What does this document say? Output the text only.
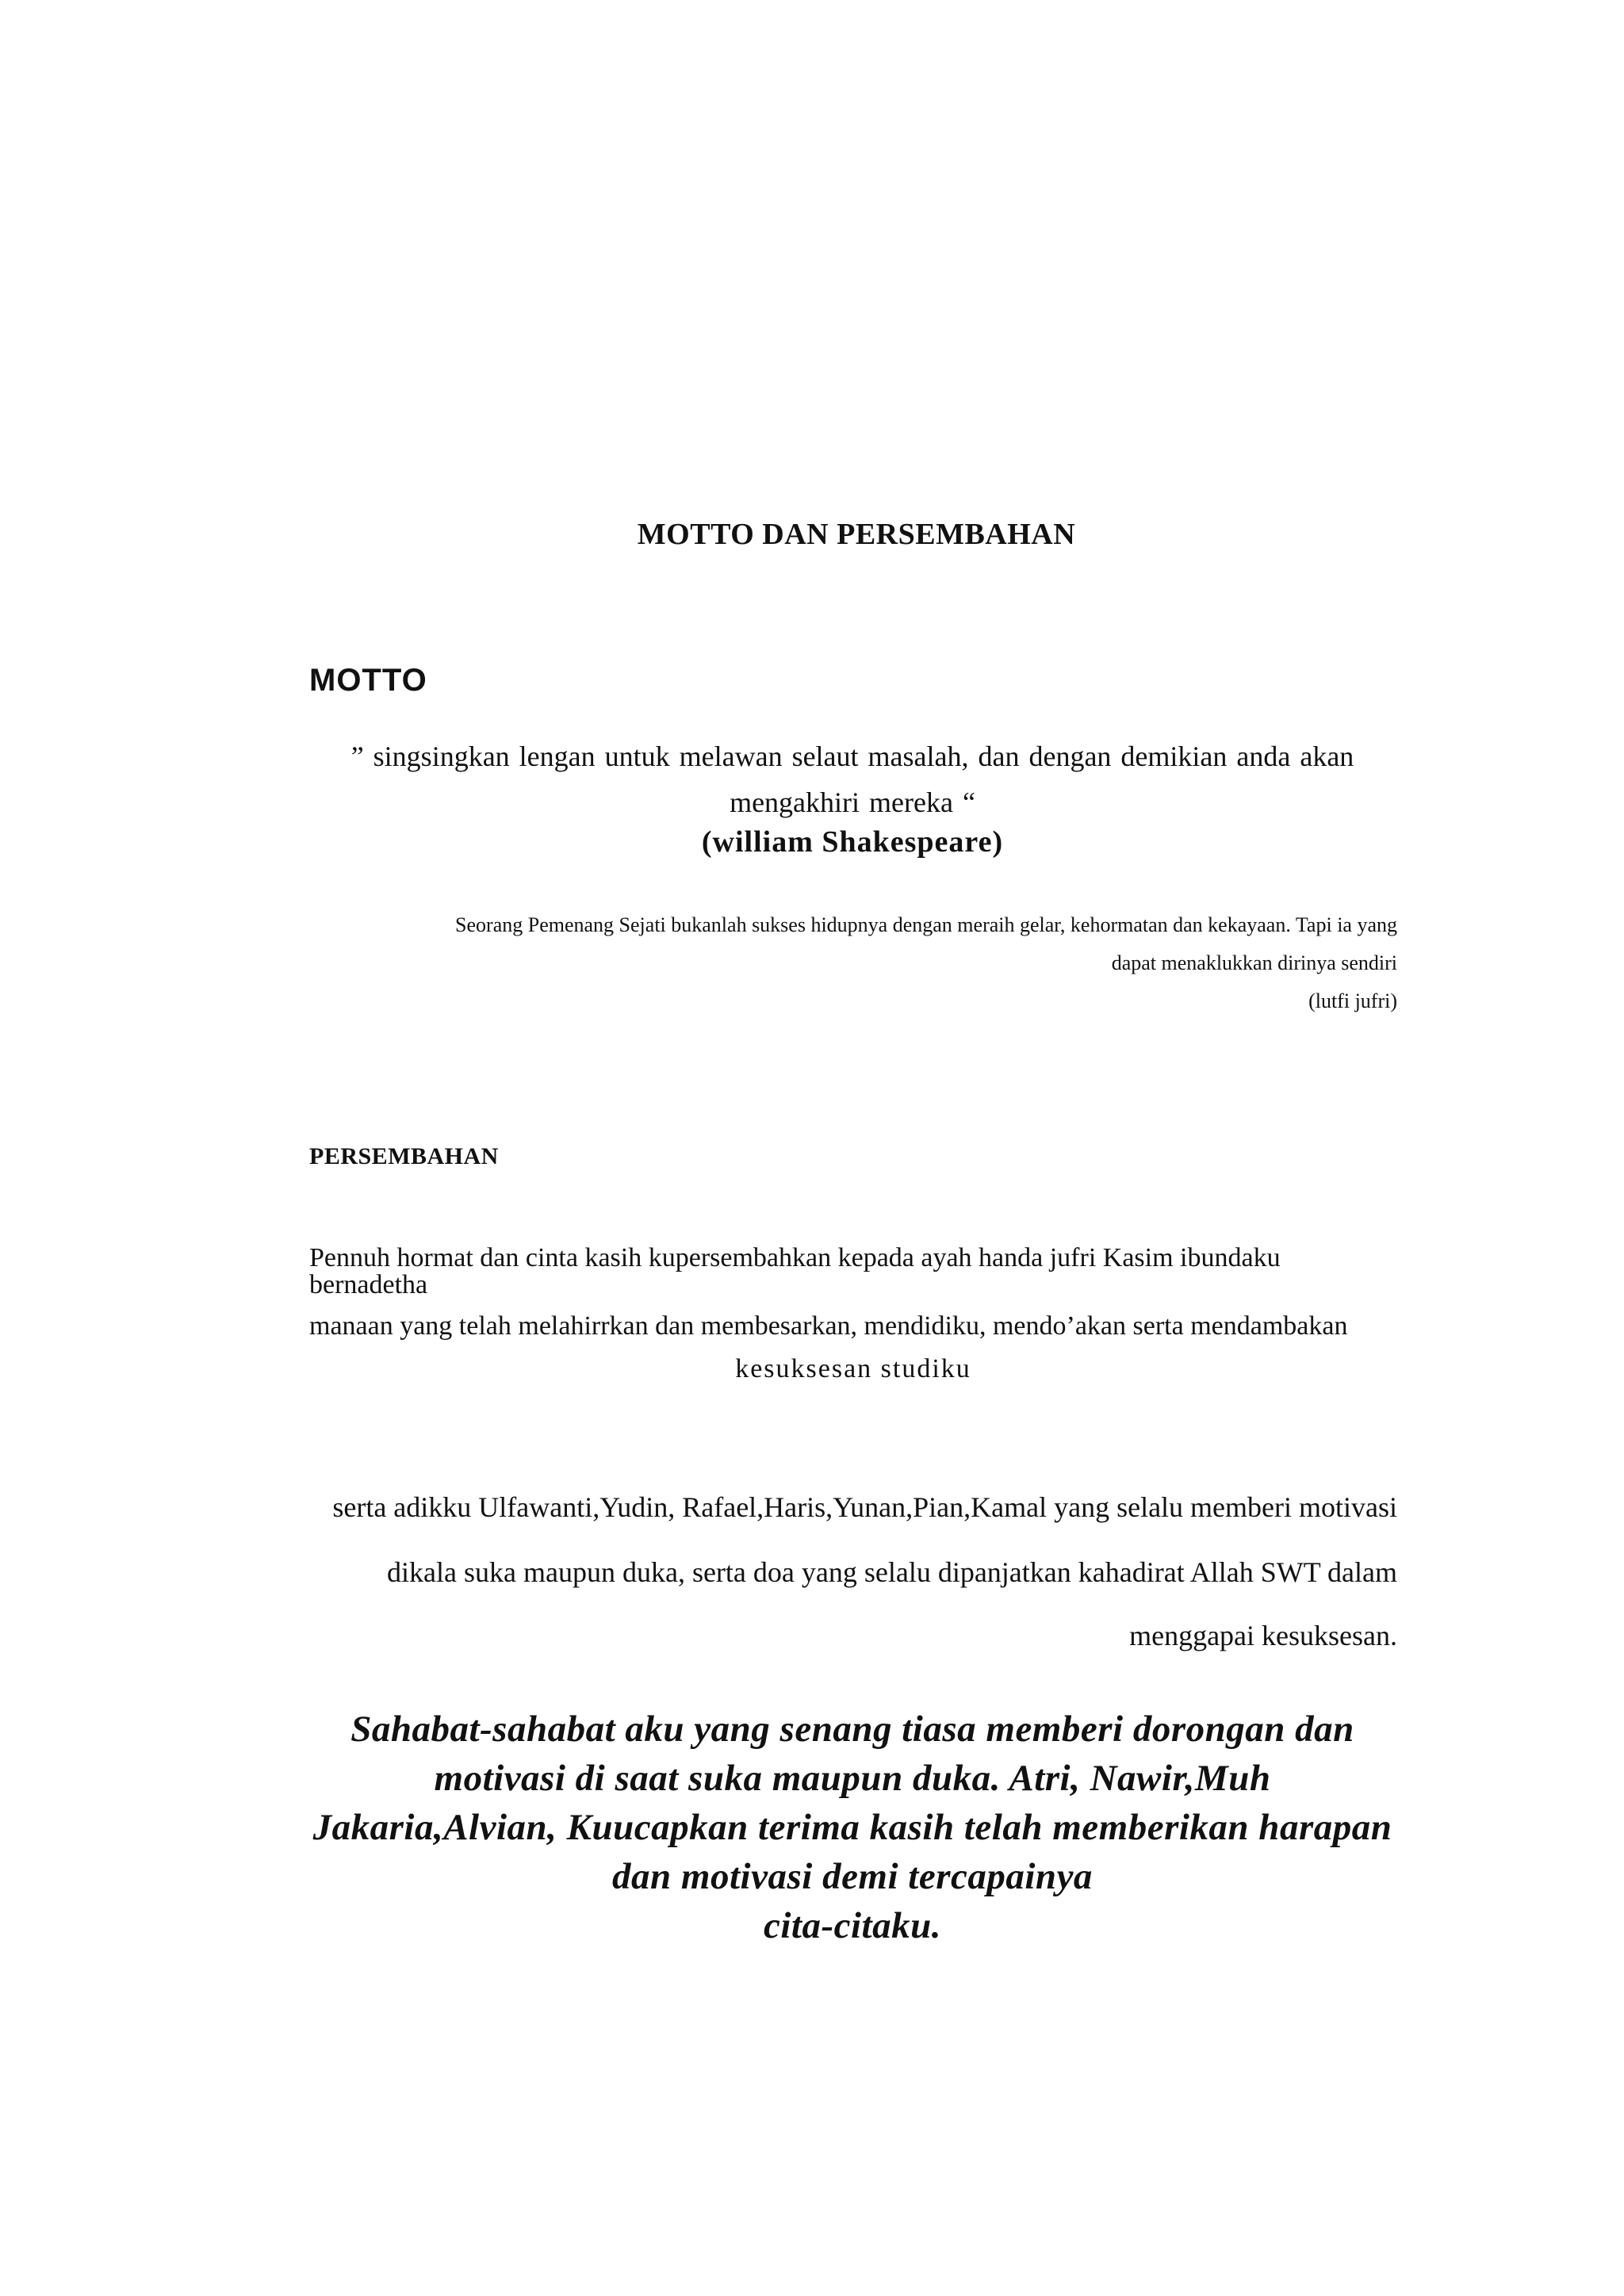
MOTTO DAN PERSEMBAHAN
MOTTO

” singsingkan lengan untuk melawan selaut masalah, dan dengan demikian anda akan
mengakhiri mereka “

(william Shakespeare)

Seorang Pemenang Sejati bukanlah sukses hidupnya dengan meraih gelar, kehormatan dan kekayaan. Tapi ia yang
dapat menaklukkan dirinya sendiri
(lutfi jufri)

PERSEMBAHAN
Pennuh hormat dan cinta kasih kupersembahkan kepada ayah handa jufri Kasim ibundaku bernadetha
manaan yang telah melahirrkan dan membesarkan, mendidiku, mendo’akan serta mendambakan
kesuksesan studiku
serta adikku Ulfawanti,Yudin, Rafael,Haris,Yunan,Pian,Kamal yang selalu memberi motivasi
dikala suka maupun duka, serta doa yang selalu dipanjatkan kahadirat Allah SWT dalam
menggapai kesuksesan.

Sahabat-sahabat aku yang senang tiasa memberi dorongan dan
motivasi di saat suka maupun duka. Atri, Nawir,Muh
Jakaria,Alvian, Kuucapkan terima kasih telah memberikan harapan
dan motivasi demi tercapainya
cita-citaku.
